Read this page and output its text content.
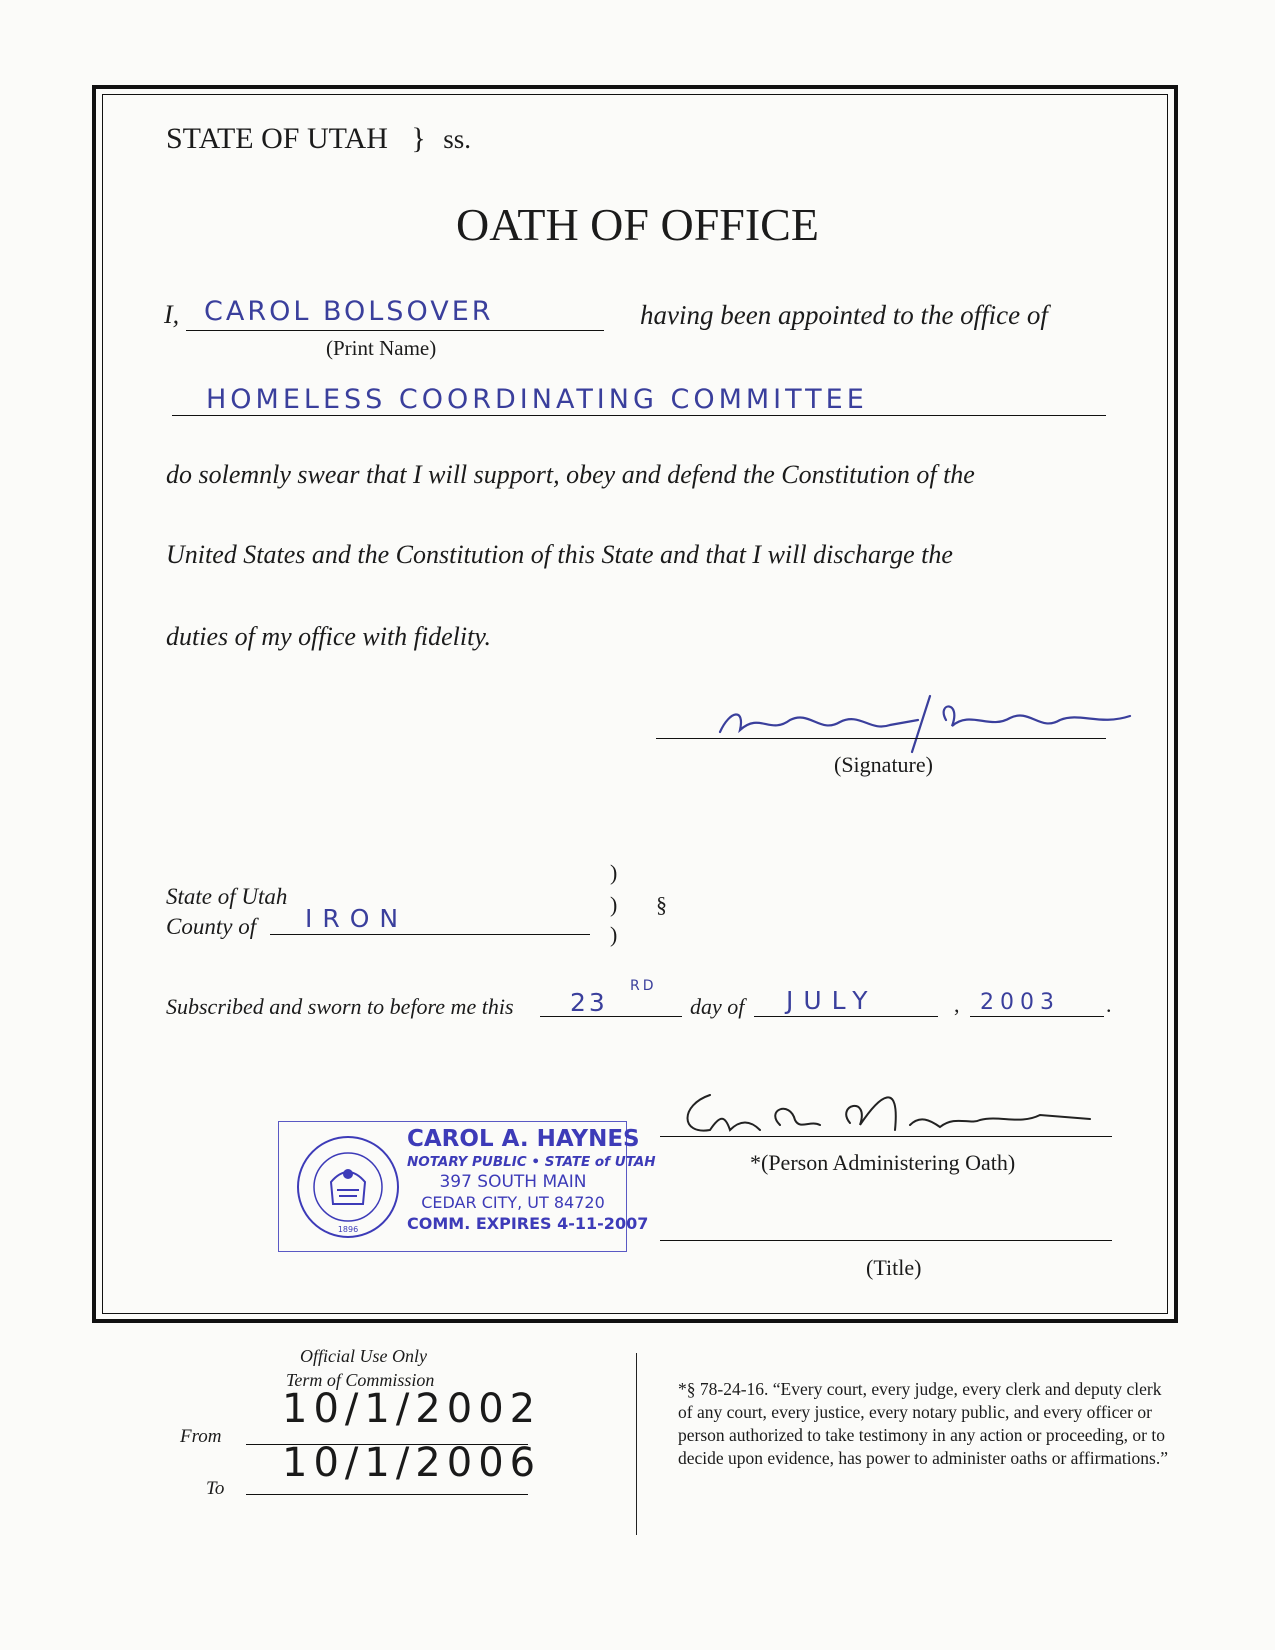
STATE OF UTAH } ss.
OATH OF OFFICE
I, CAROL BOLSOVER
(Print Name)
having been appointed to the office of
HOMELESS COORDINATING COMMITTEE
do solemnly swear that I will support, obey and defend the Constitution of the
United States and the Constitution of this State and that I will discharge the
duties of my office with fidelity.
(Signature)
State of Utah
County of IRON
)
)
)
§
Subscribed and sworn to before me this 23
RD
day of JULY	, 2003 .
1896
CAROL A. HAYNES
NOTARY PUBLIC • STATE of UTAH
397 SOUTH MAIN
CEDAR CITY, UT 84720
COMM. EXPIRES 4-11-2007
*(Person Administering Oath)
(Title)
Official Use Only
Term of Commission
From
10/1/2002
To
10/1/2006
*§ 78-24-16. “Every court, every judge, every clerk and deputy clerk of any court, every justice, every notary public, and every officer or person authorized to take testimony in any action or proceeding, or to decide upon evidence, has power to administer oaths or affirmations.”
